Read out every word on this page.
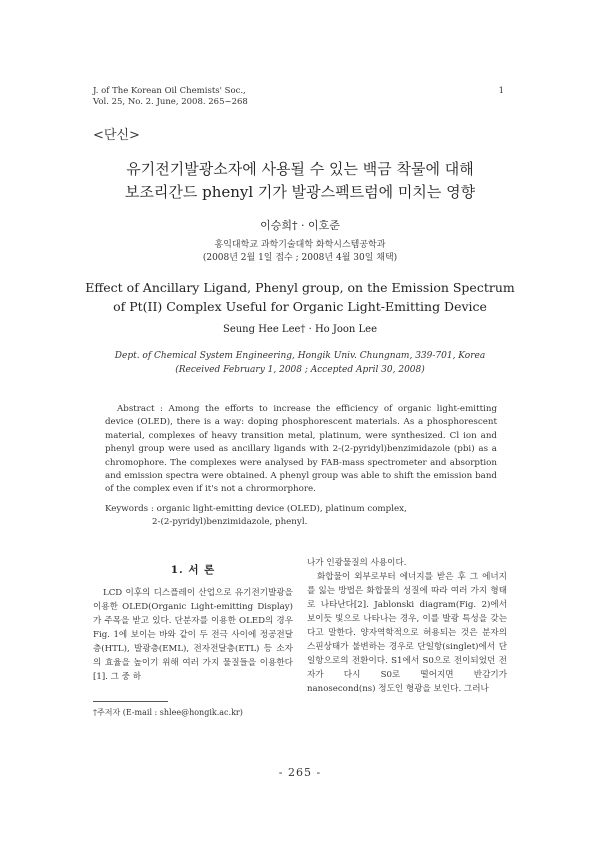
J. of The Korean Oil Chemists' Soc.,
Vol. 25, No. 2. June, 2008. 265~268
1
<단신>
유기전기발광소자에 사용될 수 있는 백금 착물에 대해
보조리간드 phenyl 기가 발광스펙트럼에 미치는 영향
이승희† · 이호준
홍익대학교 과학기술대학 화학시스템공학과
(2008년 2월 1일 접수 ; 2008년 4월 30일 채택)
Effect of Ancillary Ligand, Phenyl group, on the Emission Spectrum
of Pt(II) Complex Useful for Organic Light-Emitting Device
Seung Hee Lee† · Ho Joon Lee
Dept. of Chemical System Engineering, Hongik Univ. Chungnam, 339-701, Korea
(Received February 1, 2008 ; Accepted April 30, 2008)
Abstract : Among the efforts to increase the efficiency of organic light-emitting device (OLED), there is a way: doping phosphorescent materials. As a phosphorescent material, complexes of heavy transition metal, platinum, were synthesized. Cl ion and phenyl group were used as ancillary ligands with 2-(2-pyridyl)benzimidazole (pbi) as a chromophore. The complexes were analysed by FAB-mass spectrometer and absorption and emission spectra were obtained. A phenyl group was able to shift the emission band of the complex even if it's not a chrormorphore.
Keywords : organic light-emitting device (OLED), platinum complex,
2-(2-pyridyl)benzimidazole, phenyl.
1. 서 론

LCD 이후의 디스플레이 산업으로 유기전기발광을 이용한 OLED(Organic Light-emitting Display)가 주목을 받고 있다. 단분자를 이용한 OLED의 경우 Fig. 1에 보이는 바와 같이 두 전극 사이에 정공전달층(HTL), 발광층(EML), 전자전달층(ETL) 등 소자의 효율을 높이기 위해 여러 가지 물질들을 이용한다[1]. 그 중 하

나가 인광물질의 사용이다.

화합물이 외부로부터 에너지를 받은 후 그 에너지를 잃는 방법은 화합물의 성질에 따라 여러 가지 형태로 나타난다[2]. Jablonski diagram(Fig. 2)에서 보이듯 빛으로 나타나는 경우, 이를 발광 특성을 갖는다고 말한다. 양자역학적으로 허용되는 것은 분자의 스핀상태가 불변하는 경우로 단일항(singlet)에서 단일항으로의 전환이다. S1에서 S0으로 전이되었던 전자가 다시 S0로 떨어지면 반감기가 nanosecond(ns) 정도인 형광을 보인다. 그러나

†주저자 (E-mail : shlee@hongik.ac.kr)
- 265 -
